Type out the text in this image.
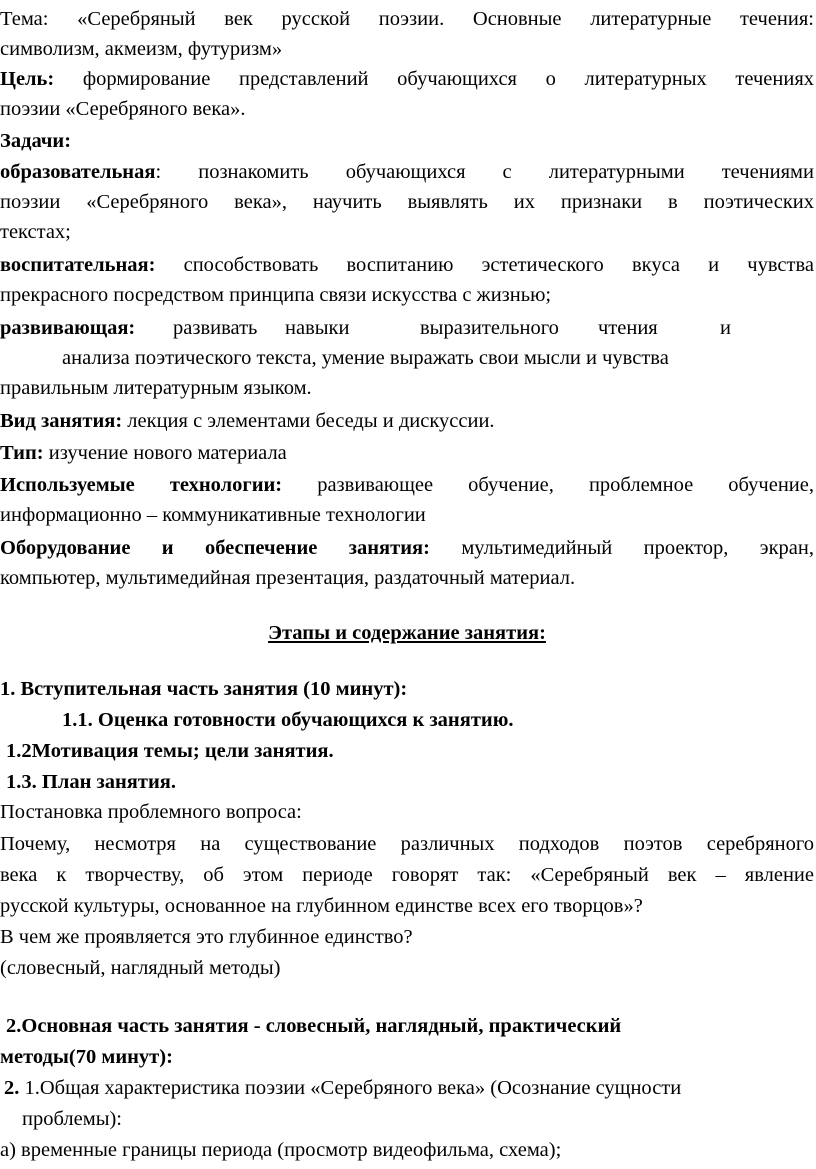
Тема: «Серебряный век русской поэзии. Основные литературные течения:
символизм, акмеизм, футуризм»
Цель: формирование представлений обучающихся о литературных течениях
поэзии «Серебряного века».
Задачи:
образовательная: познакомить обучающихся с литературными течениями
поэзии «Серебряного века», научить выявлять их признаки в поэтических
текстах;
воспитательная: способствовать воспитанию эстетического вкуса и чувства
прекрасного посредством принципа связи искусства с жизнью;
развивающая: развивать навыки	выразительного чтения	и
анализа поэтического текста, умение выражать свои мысли и чувства
правильным литературным языком.
Вид занятия: лекция с элементами беседы и дискуссии.
Тип: изучение нового материала
Используемые технологии: развивающее обучение, проблемное обучение,
информационно – коммуникативные технологии
Оборудование и обеспечение занятия: мультимедийный проектор, экран,
компьютер, мультимедийная презентация, раздаточный материал.
Этапы и содержание занятия:
1. Вступительная часть занятия (10 минут):
1.1. Оценка готовности обучающихся к занятию.
1.2Мотивация темы; цели занятия.
1.3. План занятия.
Постановка проблемного вопроса:
Почему, несмотря на существование различных подходов поэтов серебряного
века к творчеству, об этом периоде говорят так: «Серебряный век – явление
русской культуры, основанное на глубинном единстве всех его творцов»?
В чем же проявляется это глубинное единство?
(словесный, наглядный методы)
2.Основная часть занятия - словесный, наглядный, практический
методы(70 минут):
2. 1.Общая характеристика поэзии «Серебряного века» (Осознание сущности
проблемы):
а) временные границы периода (просмотр видеофильма, схема);
